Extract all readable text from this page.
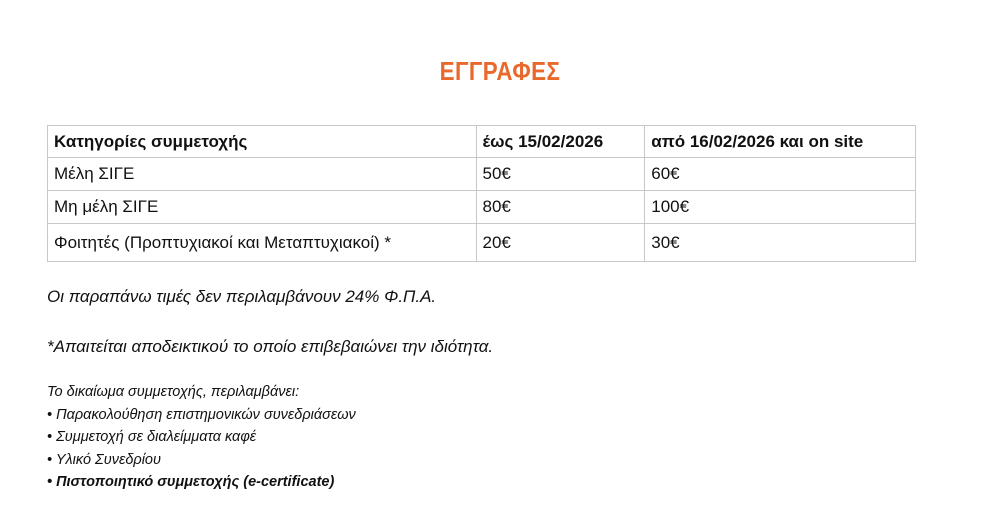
ΕΓΓΡΑΦΕΣ
Κατηγορίες συμμετοχής	έως 15/02/2026	από 16/02/2026 και on site
Μέλη ΣΙΓΕ	50€	60€
Μη μέλη ΣΙΓΕ	80€	100€
Φοιτητές (Προπτυχιακοί και Μεταπτυχιακοί) *	20€	30€
Οι παραπάνω τιμές δεν περιλαμβάνουν 24% Φ.Π.Α.
*Απαιτείται αποδεικτικού το οποίο επιβεβαιώνει την ιδιότητα.
Το δικαίωμα συμμετοχής, περιλαμβάνει:
• Παρακολούθηση επιστημονικών συνεδριάσεων
• Συμμετοχή σε διαλείμματα καφέ
• Υλικό Συνεδρίου
• Πιστοποιητικό συμμετοχής (e-certificate)
